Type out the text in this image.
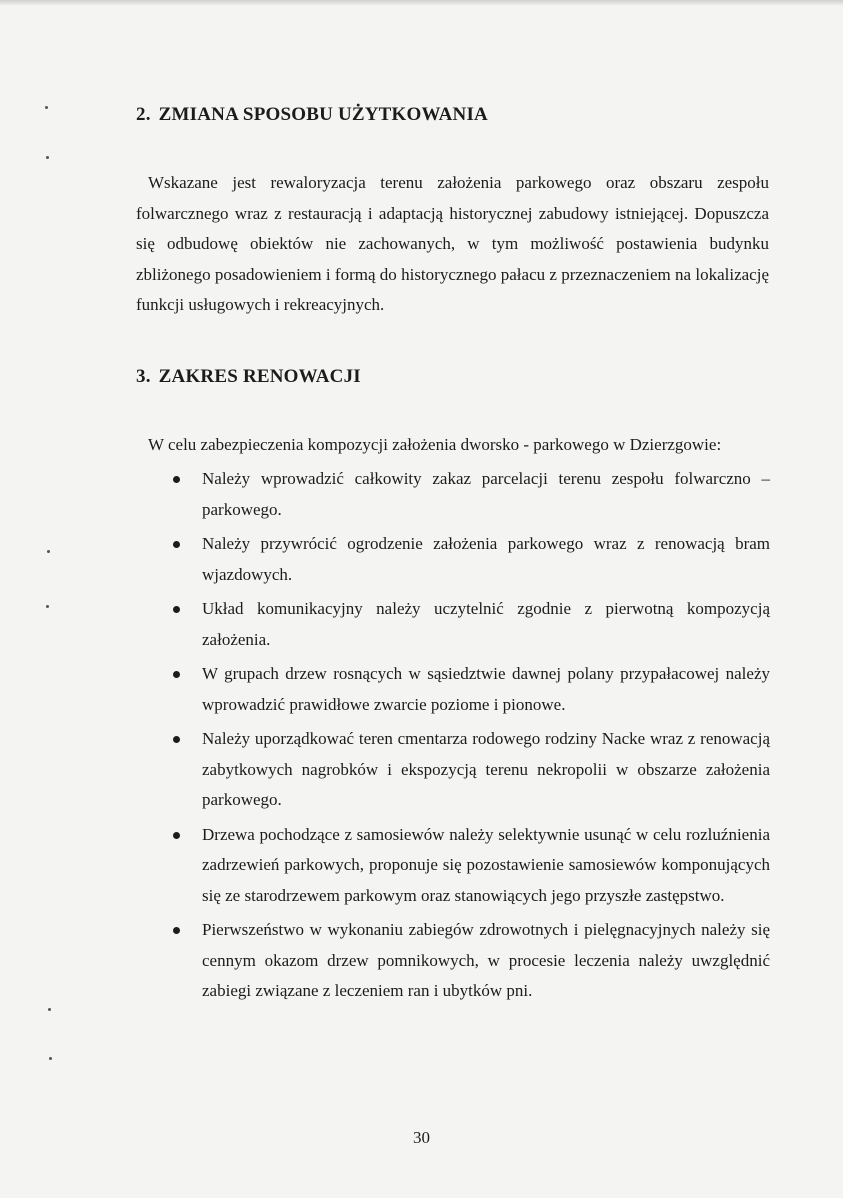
2. ZMIANA SPOSOBU UŻYTKOWANIA

Wskazane jest rewaloryzacja terenu założenia parkowego oraz obszaru zespołu folwarcznego wraz z restauracją i adaptacją historycznej zabudowy istniejącej. Dopuszcza się odbudowę obiektów nie zachowanych, w tym możliwość postawienia budynku zbliżonego posadowieniem i formą do historycznego pałacu z przeznaczeniem na lokalizację funkcji usługowych i rekreacyjnych.

3. ZAKRES RENOWACJI

W celu zabezpieczenia kompozycji założenia dworsko - parkowego w Dzierzgowie:

Należy wprowadzić całkowity zakaz parcelacji terenu zespołu folwarczno – parkowego.
Należy przywrócić ogrodzenie założenia parkowego wraz z renowacją bram wjazdowych.
Układ komunikacyjny należy uczytelnić zgodnie z pierwotną kompozycją założenia.
W grupach drzew rosnących w sąsiedztwie dawnej polany przypałacowej należy wprowadzić prawidłowe zwarcie poziome i pionowe.
Należy uporządkować teren cmentarza rodowego rodziny Nacke wraz z renowacją zabytkowych nagrobków i ekspozycją terenu nekropolii w obszarze założenia parkowego.
Drzewa pochodzące z samosiewów należy selektywnie usunąć w celu rozluźnienia zadrzewień parkowych, proponuje się pozostawienie samosiewów komponujących się ze starodrzewem parkowym oraz stanowiących jego przyszłe zastępstwo.
Pierwszeństwo w wykonaniu zabiegów zdrowotnych i pielęgnacyjnych należy się cennym okazom drzew pomnikowych, w procesie leczenia należy uwzględnić zabiegi związane z leczeniem ran i ubytków pni.

30
